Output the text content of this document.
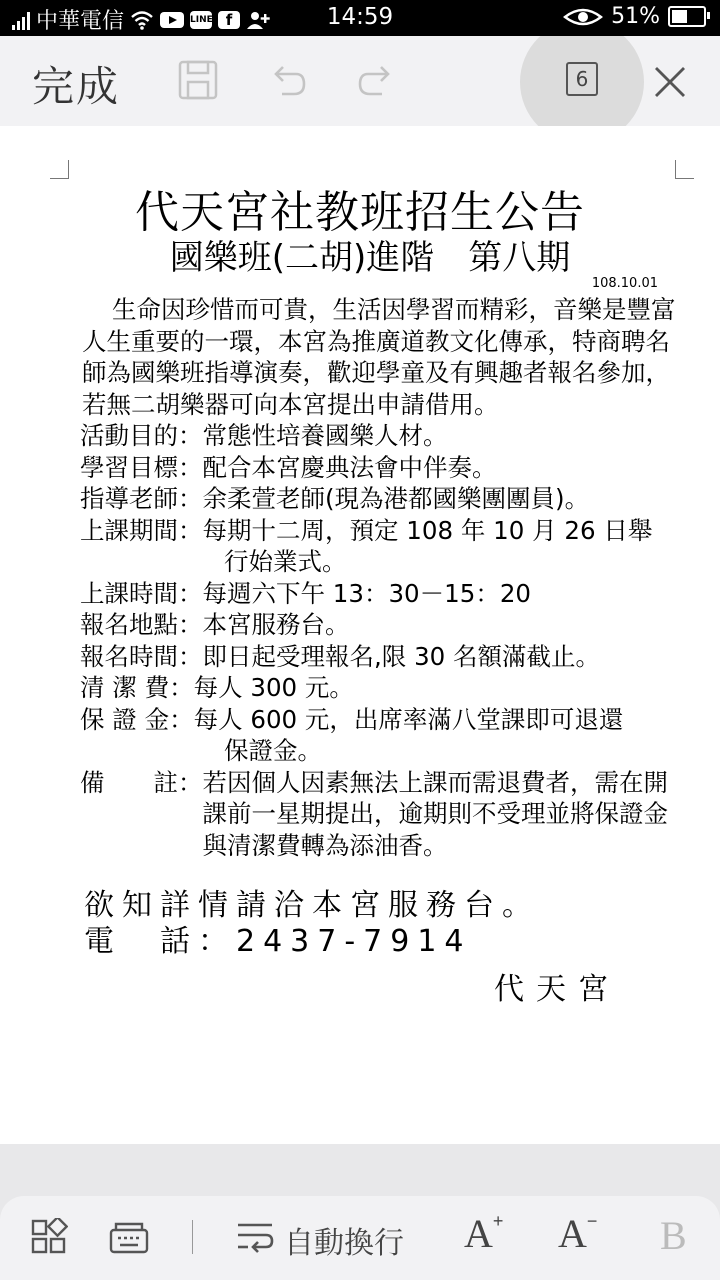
中華電信	LINE f	14:59	51%
完成	6
代天宮社教班招生公告
國樂班(二胡)進階　第八期
108.10.01
生命因珍惜而可貴，生活因學習而精彩，音樂是豐富人生重要的一環，本宮為推廣道教文化傳承，特商聘名師為國樂班指導演奏，歡迎學童及有興趣者報名參加，若無二胡樂器可向本宮提出申請借用。
活動目的： 常態性培養國樂人材。
學習目標： 配合本宮慶典法會中伴奏。
指導老師： 余柔萱老師(現為港都國樂團團員)。
上課期間： 每期十二周，預定 108 年 10 月 26 日舉
行始業式。
上課時間： 每週六下午 13：30－15：20
報名地點： 本宮服務台。
報名時間： 即日起受理報名,限 30 名額滿截止。
清 潔 費： 每人 300 元。
保 證 金： 每人 600 元，出席率滿八堂課即可退還
保證金。
備　　註： 若因個人因素無法上課而需退費者，需在開課前一星期提出，逾期則不受理並將保證金與清潔費轉為添油香。
欲知詳情請洽本宮服務台。
電　話：2437-7914
代天宮
自動換行 A+ A− B
